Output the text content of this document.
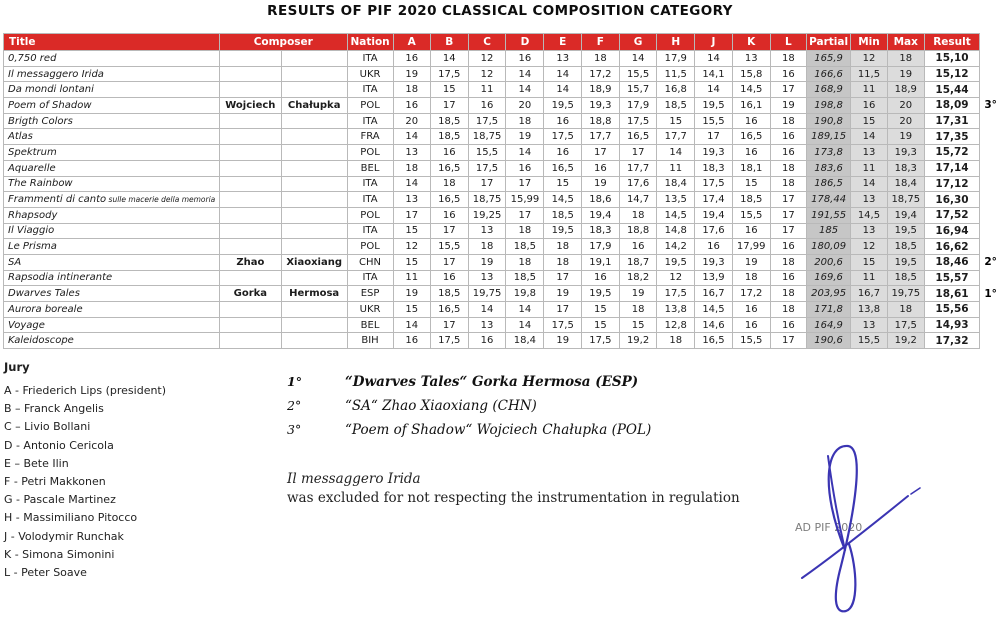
RESULTS OF PIF 2020 CLASSICAL COMPOSITION CATEGORY
Title	Composer		Nation	A	B	C	D	E	F	G	H	J	K	L	Partial	Min	Max	Result	
0,750 red			ITA	16	14	12	16	13	18	14	17,9	14	13	18	165,9	12	18	15,10	
Il messaggero Irida			UKR	19	17,5	12	14	14	17,2	15,5	11,5	14,1	15,8	16	166,6	11,5	19	15,12	
Da mondi lontani			ITA	18	15	11	14	14	18,9	15,7	16,8	14	14,5	17	168,9	11	18,9	15,44	
Poem of Shadow	Wojciech	Chałupka	POL	16	17	16	20	19,5	19,3	17,9	18,5	19,5	16,1	19	198,8	16	20	18,09	3°
Brigth Colors			ITA	20	18,5	17,5	18	16	18,8	17,5	15	15,5	16	18	190,8	15	20	17,31	
Atlas			FRA	14	18,5	18,75	19	17,5	17,7	16,5	17,7	17	16,5	16	189,15	14	19	17,35	
Spektrum			POL	13	16	15,5	14	16	17	17	14	19,3	16	16	173,8	13	19,3	15,72	
Aquarelle			BEL	18	16,5	17,5	16	16,5	16	17,7	11	18,3	18,1	18	183,6	11	18,3	17,14	
The Rainbow			ITA	14	18	17	17	15	19	17,6	18,4	17,5	15	18	186,5	14	18,4	17,12	
Frammenti di canto sulle macerie della memoria			ITA	13	16,5	18,75	15,99	14,5	18,6	14,7	13,5	17,4	18,5	17	178,44	13	18,75	16,30	
Rhapsody			POL	17	16	19,25	17	18,5	19,4	18	14,5	19,4	15,5	17	191,55	14,5	19,4	17,52	
Il Viaggio			ITA	15	17	13	18	19,5	18,3	18,8	14,8	17,6	16	17	185	13	19,5	16,94	
Le Prisma			POL	12	15,5	18	18,5	18	17,9	16	14,2	16	17,99	16	180,09	12	18,5	16,62	
SA	Zhao	Xiaoxiang	CHN	15	17	19	18	18	19,1	18,7	19,5	19,3	19	18	200,6	15	19,5	18,46	2°
Rapsodia intinerante			ITA	11	16	13	18,5	17	16	18,2	12	13,9	18	16	169,6	11	18,5	15,57	
Dwarves Tales	Gorka	Hermosa	ESP	19	18,5	19,75	19,8	19	19,5	19	17,5	16,7	17,2	18	203,95	16,7	19,75	18,61	1°
Aurora boreale			UKR	15	16,5	14	14	17	15	18	13,8	14,5	16	18	171,8	13,8	18	15,56	
Voyage			BEL	14	17	13	14	17,5	15	15	12,8	14,6	16	16	164,9	13	17,5	14,93	
Kaleidoscope			BIH	16	17,5	16	18,4	19	17,5	19,2	18	16,5	15,5	17	190,6	15,5	19,2	17,32	
Jury
A - Friederich Lips (president)
B – Franck Angelis
C – Livio Bollani
D - Antonio Cericola
E – Bete Ilin
F - Petri Makkonen
G - Pascale Martinez
H - Massimiliano Pitocco
J - Volodymir Runchak
K - Simona Simonini
L - Peter Soave
1°	“Dwarves Tales“ Gorka Hermosa (ESP)
2°	“SA“ Zhao Xiaoxiang (CHN)
3°	“Poem of Shadow“ Wojciech Chałupka (POL)
Il messaggero Irida
was excluded for not respecting the instrumentation in regulation
AD PIF 2020
